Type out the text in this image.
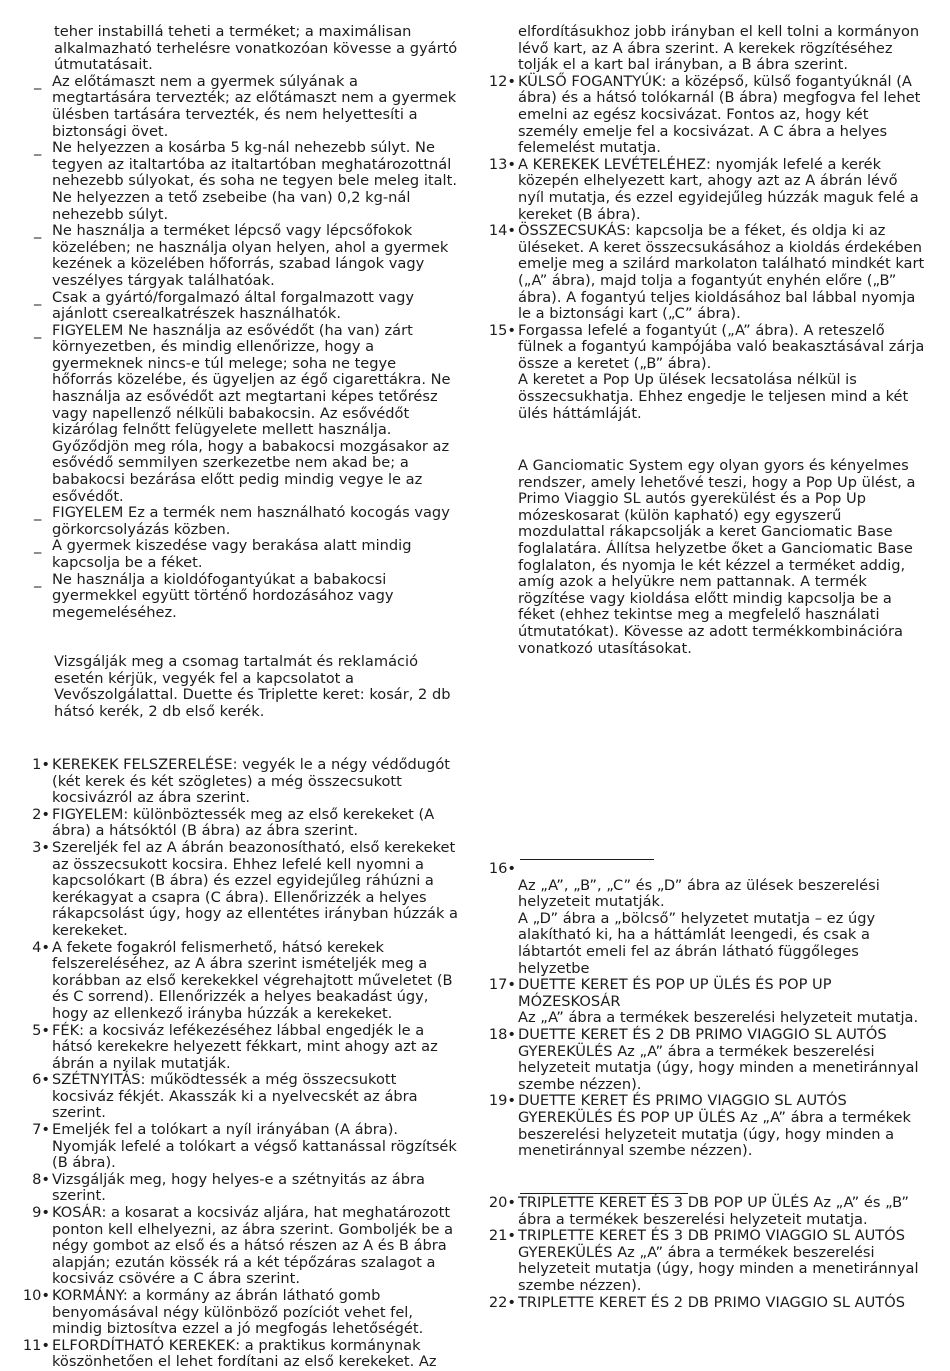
teher instabillá teheti a terméket; a maximálisan alkalmazható terhelésre vonatkozóan kövesse a gyártó útmutatásait.

_ Az előtámaszt nem a gyermek súlyának a megtartására tervezték; az előtámaszt nem a gyermek ülésben tartására tervezték, és nem helyettesíti a biztonsági övet.
_ Ne helyezzen a kosárba 5 kg-nál nehezebb súlyt. Ne tegyen az italtartóba az italtartóban meghatározottnál nehezebb súlyokat, és soha ne tegyen bele meleg italt. Ne helyezzen a tető zsebeibe (ha van) 0,2 kg-nál nehezebb súlyt.
_ Ne használja a terméket lépcső vagy lépcsőfokok közelében; ne használja olyan helyen, ahol a gyermek kezének a közelében hőforrás, szabad lángok vagy veszélyes tárgyak találhatóak.
_ Csak a gyártó/forgalmazó által forgalmazott vagy ajánlott cserealkatrészek használhatók.
_ FIGYELEM Ne használja az esővédőt (ha van) zárt környezetben, és mindig ellenőrizze, hogy a gyermeknek nincs-e túl melege; soha ne tegye hőforrás közelébe, és ügyeljen az égő cigarettákra. Ne használja az esővédőt azt megtartani képes tetőrész vagy napellenző nélküli babakocsin. Az esővédőt kizárólag felnőtt felügyelete mellett használja. Győződjön meg róla, hogy a babakocsi mozgásakor az esővédő semmilyen szerkezetbe nem akad be; a babakocsi bezárása előtt pedig mindig vegye le az esővédőt.
_ FIGYELEM Ez a termék nem használható kocogás vagy görkorcsolyázás közben.
_ A gyermek kiszedése vagy berakása alatt mindig kapcsolja be a féket.
_ Ne használja a kioldófogantyúkat a babakocsi gyermekkel együtt történő hordozásához vagy megemeléséhez.

Vizsgálják meg a csomag tartalmát és reklamáció esetén kérjük, vegyék fel a kapcsolatot a Vevőszolgálattal. Duette és Triplette keret: kosár, 2 db hátsó kerék, 2 db első kerék.

1• KEREKEK FELSZERELÉSE: vegyék le a négy védődugót (két kerek és két szögletes) a még összecsukott kocsivázról az ábra szerint.
2• FIGYELEM: különböztessék meg az első kerekeket (A ábra) a hátsóktól (B ábra) az ábra szerint.
3• Szereljék fel az A ábrán beazonosítható, első kerekeket az összecsukott kocsira. Ehhez lefelé kell nyomni a kapcsolókart (B ábra) és ezzel egyidejűleg ráhúzni a kerékagyat a csapra (C ábra). Ellenőrizzék a helyes rákapcsolást úgy, hogy az ellentétes irányban húzzák a kerekeket.
4• A fekete fogakról felismerhető, hátsó kerekek felszereléséhez, az A ábra szerint ismételjék meg a korábban az első kerekekkel végrehajtott műveletet (B és C sorrend). Ellenőrizzék a helyes beakadást úgy, hogy az ellenkező irányba húzzák a kerekeket.
5• FÉK: a kocsiváz lefékezéséhez lábbal engedjék le a hátsó kerekekre helyezett fékkart, mint ahogy azt az ábrán a nyilak mutatják.
6• SZÉTNYITÁS: működtessék a még összecsukott kocsiváz fékjét. Akasszák ki a nyelvecskét az ábra szerint.
7• Emeljék fel a tolókart a nyíl irányában (A ábra). Nyomják lefelé a tolókart a végső kattanással rögzítsék (B ábra).
8• Vizsgálják meg, hogy helyes-e a szétnyitás az ábra szerint.
9• KOSÁR: a kosarat a kocsiváz aljára, hat meghatározott ponton kell elhelyezni, az ábra szerint. Gomboljék be a négy gombot az első és a hátsó részen az A és B ábra alapján; ezután kössék rá a két tépőzáras szalagot a kocsiváz csövére a C ábra szerint.
10• KORMÁNY: a kormány az ábrán látható gomb benyomásával négy különböző pozíciót vehet fel, mindig biztosítva ezzel a jó megfogás lehetőségét.
11• ELFORDÍTHATÓ KEREKEK: a praktikus kormánynak köszönhetően el lehet fordítani az első kerekeket. Az

elfordításukhoz jobb irányban el kell tolni a kormányon lévő kart, az A ábra szerint. A kerekek rögzítéséhez tolják el a kart bal irányban, a B ábra szerint.

12• KÜLSŐ FOGANTYÚK: a középső, külső fogantyúknál (A ábra) és a hátsó tolókarnál (B ábra) megfogva fel lehet emelni az egész kocsivázat. Fontos az, hogy két személy emelje fel a kocsivázat. A C ábra a helyes felemelést mutatja.
13• A KEREKEK LEVÉTELÉHEZ: nyomják lefelé a kerék közepén elhelyezett kart, ahogy azt az A ábrán lévő nyíl mutatja, és ezzel egyidejűleg húzzák maguk felé a kereket (B ábra).
14• ÖSSZECSUKÁS: kapcsolja be a féket, és oldja ki az üléseket. A keret összecsukásához a kioldás érdekében emelje meg a szilárd markolaton található mindkét kart („A” ábra), majd tolja a fogantyút enyhén előre („B” ábra). A fogantyú teljes kioldásához bal lábbal nyomja le a biztonsági kart („C” ábra).
15• Forgassa lefelé a fogantyút („A” ábra). A reteszelő fülnek a fogantyú kampójába való beakasztásával zárja össze a keretet („B” ábra).

A keretet a Pop Up ülések lecsatolása nélkül is összecsukhatja. Ehhez engedje le teljesen mind a két ülés háttámláját.

A Ganciomatic System egy olyan gyors és kényelmes rendszer, amely lehetővé teszi, hogy a Pop Up ülést, a Primo Viaggio SL autós gyerekülést és a Pop Up mózeskosarat (külön kapható) egy egyszerű mozdulattal rákapcsolják a keret Ganciomatic Base foglalatára. Állítsa helyzetbe őket a Ganciomatic Base foglalaton, és nyomja le két kézzel a terméket addig, amíg azok a helyükre nem pattannak. A termék rögzítése vagy kioldása előtt mindig kapcsolja be a féket (ehhez tekintse meg a megfelelő használati útmutatókat). Kövesse az adott termékkombinációra vonatkozó utasításokat.

16•

Az „A”, „B”, „C” és „D” ábra az ülések beszerelési helyzeteit mutatják.

A „D” ábra a „bölcső” helyzetet mutatja – ez úgy alakítható ki, ha a háttámlát leengedi, és csak a lábtartót emeli fel az ábrán látható függőleges helyzetbe

17• DUETTE KERET ÉS POP UP ÜLÉS ÉS POP UP MÓZESKOSÁR

Az „A” ábra a termékek beszerelési helyzeteit mutatja.

18• DUETTE KERET ÉS 2 DB PRIMO VIAGGIO SL AUTÓS GYEREKÜLÉS Az „A” ábra a termékek beszerelési helyzeteit mutatja (úgy, hogy minden a menetiránnyal szembe nézzen).
19• DUETTE KERET ÉS PRIMO VIAGGIO SL AUTÓS GYEREKÜLÉS ÉS POP UP ÜLÉS Az „A” ábra a termékek beszerelési helyzeteit mutatja (úgy, hogy minden a menetiránnyal szembe nézzen).
20• TRIPLETTE KERET ÉS 3 DB POP UP ÜLÉS Az „A” és „B” ábra a termékek beszerelési helyzeteit mutatja.
21• TRIPLETTE KERET ÉS 3 DB PRIMO VIAGGIO SL AUTÓS GYEREKÜLÉS Az „A” ábra a termékek beszerelési helyzeteit mutatja (úgy, hogy minden a menetiránnyal szembe nézzen).
22• TRIPLETTE KERET ÉS 2 DB PRIMO VIAGGIO SL AUTÓS
